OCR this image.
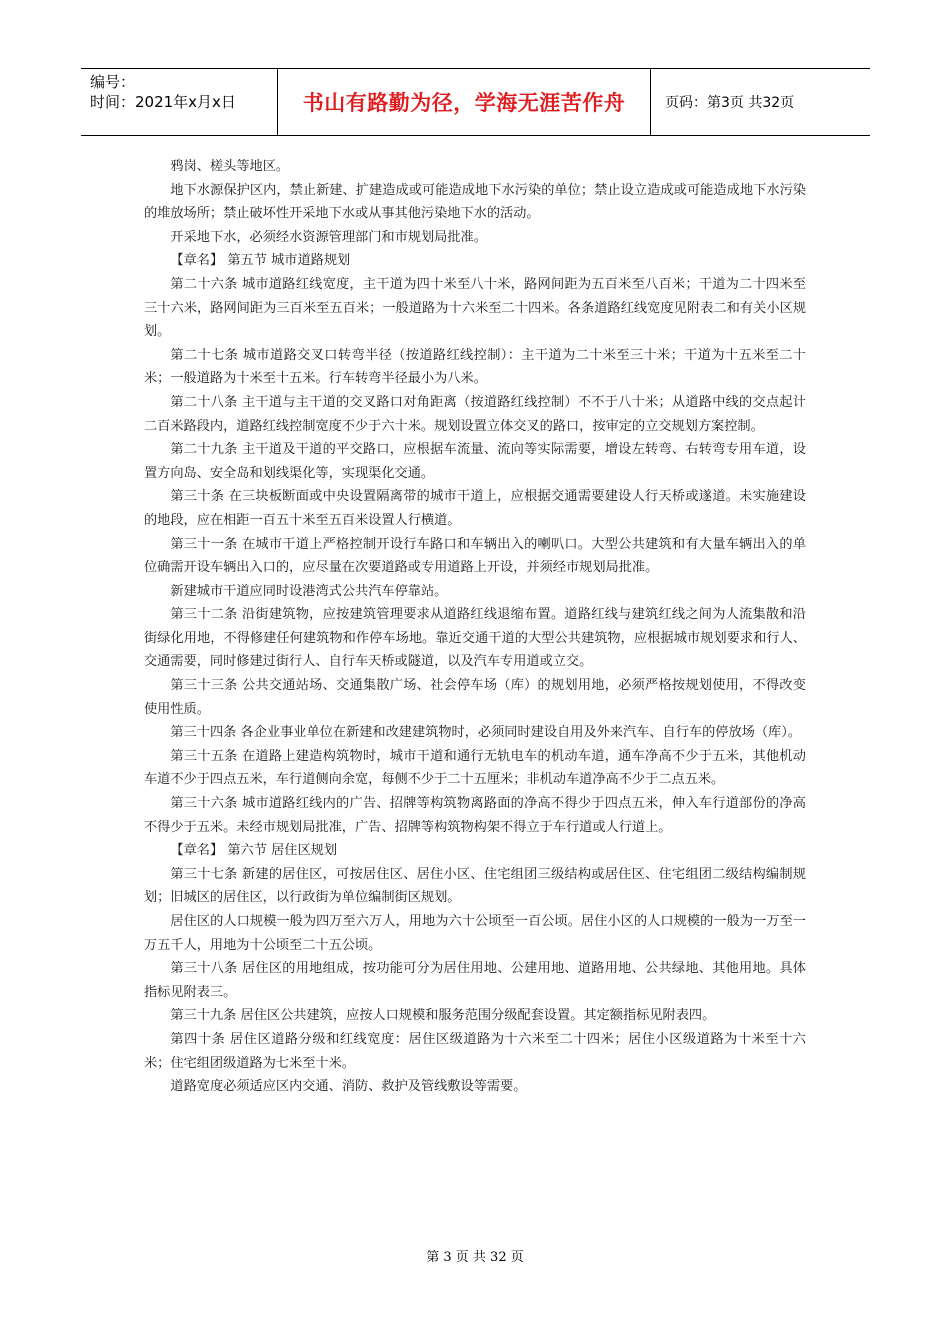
编号：
时间：2021年x月x日	书山有路勤为径，学海无涯苦作舟	页码：第3页 共32页

鸦岗、槎头等地区。

地下水源保护区内，禁止新建、扩建造成或可能造成地下水污染的单位；禁止设立造成或可能造成地下水污染的堆放场所；禁止破坏性开采地下水或从事其他污染地下水的活动。

开采地下水，必须经水资源管理部门和市规划局批准。

【章名】 第五节 城市道路规划

第二十六条 城市道路红线宽度，主干道为四十米至八十米，路网间距为五百米至八百米；干道为二十四米至三十六米，路网间距为三百米至五百米；一般道路为十六米至二十四米。各条道路红线宽度见附表二和有关小区规划。

第二十七条 城市道路交叉口转弯半径（按道路红线控制）：主干道为二十米至三十米；干道为十五米至二十米；一般道路为十米至十五米。行车转弯半径最小为八米。

第二十八条 主干道与主干道的交叉路口对角距离（按道路红线控制）不不于八十米；从道路中线的交点起计二百米路段内，道路红线控制宽度不少于六十米。规划设置立体交叉的路口，按审定的立交规划方案控制。

第二十九条 主干道及干道的平交路口，应根据车流量、流向等实际需要，增设左转弯、右转弯专用车道，设置方向岛、安全岛和划线渠化等，实现渠化交通。

第三十条 在三块板断面或中央设置隔离带的城市干道上，应根据交通需要建设人行天桥或遂道。未实施建设的地段，应在相距一百五十米至五百米设置人行横道。

第三十一条 在城市干道上严格控制开设行车路口和车辆出入的喇叭口。大型公共建筑和有大量车辆出入的单位确需开设车辆出入口的，应尽量在次要道路或专用道路上开设，并须经市规划局批准。

新建城市干道应同时设港湾式公共汽车停靠站。

第三十二条 沿街建筑物，应按建筑管理要求从道路红线退缩布置。道路红线与建筑红线之间为人流集散和沿街绿化用地，不得修建任何建筑物和作停车场地。靠近交通干道的大型公共建筑物，应根据城市规划要求和行人、交通需要，同时修建过街行人、自行车天桥或隧道，以及汽车专用道或立交。

第三十三条 公共交通站场、交通集散广场、社会停车场（库）的规划用地，必须严格按规划使用，不得改变使用性质。

第三十四条 各企业事业单位在新建和改建建筑物时，必须同时建设自用及外来汽车、自行车的停放场（库）。

第三十五条 在道路上建造构筑物时，城市干道和通行无轨电车的机动车道，通车净高不少于五米，其他机动车道不少于四点五米，车行道侧向余宽，每侧不少于二十五厘米；非机动车道净高不少于二点五米。

第三十六条 城市道路红线内的广告、招牌等构筑物离路面的净高不得少于四点五米，伸入车行道部份的净高不得少于五米。未经市规划局批准，广告、招牌等构筑物构架不得立于车行道或人行道上。

【章名】 第六节 居住区规划

第三十七条 新建的居住区，可按居住区、居住小区、住宅组团三级结构或居住区、住宅组团二级结构编制规划；旧城区的居住区，以行政街为单位编制街区规划。

居住区的人口规模一般为四万至六万人，用地为六十公顷至一百公顷。居住小区的人口规模的一般为一万至一万五千人，用地为十公顷至二十五公顷。

第三十八条 居住区的用地组成，按功能可分为居住用地、公建用地、道路用地、公共绿地、其他用地。具体指标见附表三。

第三十九条 居住区公共建筑，应按人口规模和服务范围分级配套设置。其定额指标见附表四。

第四十条 居住区道路分级和红线宽度：居住区级道路为十六米至二十四米；居住小区级道路为十米至十六米；住宅组团级道路为七米至十米。

道路宽度必须适应区内交通、消防、救护及管线敷设等需要。

第 3 页 共 32 页
